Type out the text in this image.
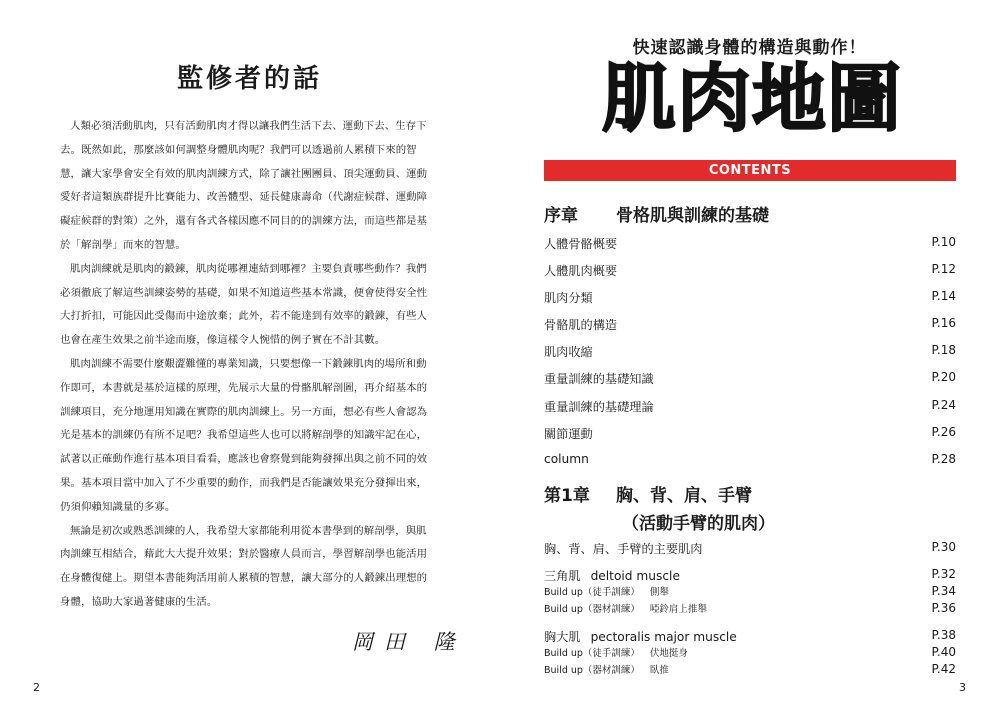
監修者的話
人類必須活動肌肉，只有活動肌肉才得以讓我們生活下去、運動下去、生存下
去。既然如此，那麼該如何調整身體肌肉呢？我們可以透過前人累積下來的智
慧，讓大家學會安全有效的肌肉訓練方式，除了讓社團團員、頂尖運動員、運動
愛好者這類族群提升比賽能力、改善體型、延長健康壽命（代謝症候群、運動障
礙症候群的對策）之外，還有各式各樣因應不同目的的訓練方法，而這些都是基
於「解剖學」而來的智慧。
肌肉訓練就是肌肉的鍛鍊，肌肉從哪裡連結到哪裡？主要負責哪些動作？我們
必須徹底了解這些訓練姿勢的基礎，如果不知道這些基本常識，便會使得安全性
大打折扣，可能因此受傷而中途放棄；此外，若不能達到有效率的鍛鍊，有些人
也會在產生效果之前半途而廢，像這樣令人惋惜的例子實在不計其數。
肌肉訓練不需要什麼艱澀難懂的專業知識，只要想像一下鍛鍊肌肉的場所和動
作即可，本書就是基於這樣的原理，先展示大量的骨骼肌解剖圖，再介紹基本的
訓練項目，充分地運用知識在實際的肌肉訓練上。另一方面，想必有些人會認為
光是基本的訓練仍有所不足吧？我希望這些人也可以將解剖學的知識牢記在心，
試著以正確動作進行基本項目看看，應該也會察覺到能夠發揮出與之前不同的效
果。基本項目當中加入了不少重要的動作，而我們是否能讓效果充分發揮出來，
仍須仰賴知識量的多寡。
無論是初次或熟悉訓練的人，我希望大家都能利用從本書學到的解剖學，與肌
肉訓練互相結合，藉此大大提升效果；對於醫療人員而言，學習解剖學也能活用
在身體復健上。期望本書能夠活用前人累積的智慧，讓大部分的人鍛鍊出理想的
身體，協助大家過著健康的生活。
岡田 隆
2
快速認識身體的構造與動作！
肌肉地圖
CONTENTS
序章 骨格肌與訓練的基礎
人體骨骼概要	P.10
人體肌肉概要	P.12
肌肉分類	P.14
骨骼肌的構造	P.16
肌肉收縮	P.18
重量訓練的基礎知識	P.20
重量訓練的基礎理論	P.24
關節運動	P.26
column	P.28
第1章 胸、背、肩、手臂
（活動手臂的肌肉）
胸、背、肩、手臂的主要肌肉	P.30
三角肌 deltoid muscle	P.32
Build up（徒手訓練） 側舉	P.34
Build up（器材訓練） 啞鈴肩上推舉	P.36
胸大肌 pectoralis major muscle	P.38
Build up（徒手訓練） 伏地挺身	P.40
Build up（器材訓練） 臥推	P.42
3
